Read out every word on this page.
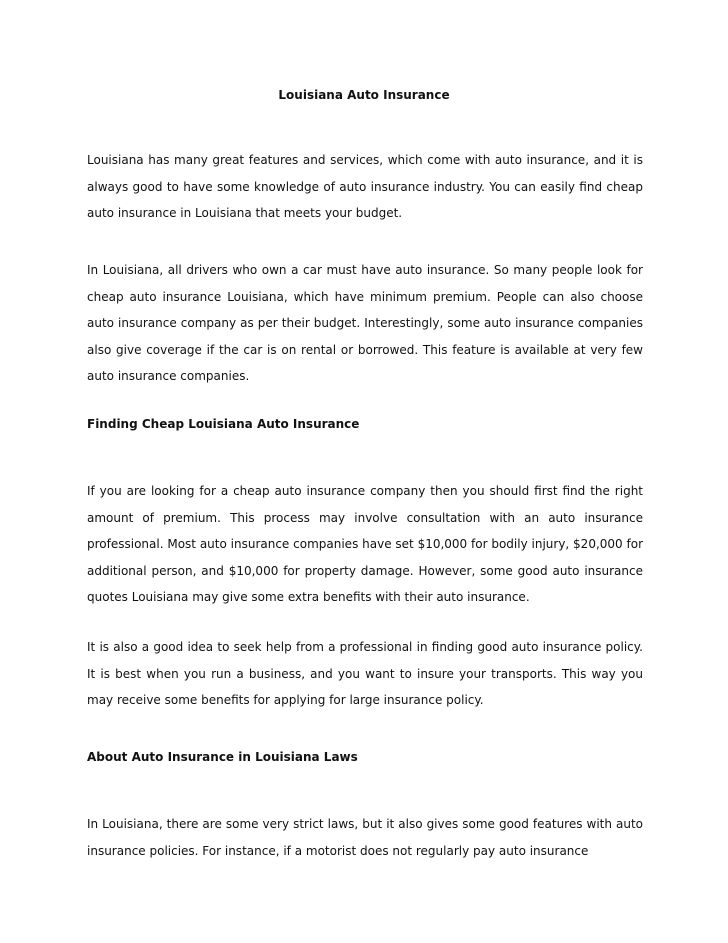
Louisiana Auto Insurance

Louisiana has many great features and services, which come with auto insurance, and it is always good to have some knowledge of auto insurance industry. You can easily find cheap auto insurance in Louisiana that meets your budget.

In Louisiana, all drivers who own a car must have auto insurance. So many people look for cheap auto insurance Louisiana, which have minimum premium. People can also choose auto insurance company as per their budget. Interestingly, some auto insurance companies also give coverage if the car is on rental or borrowed. This feature is available at very few auto insurance companies.

Finding Cheap Louisiana Auto Insurance

If you are looking for a cheap auto insurance company then you should first find the right amount of premium. This process may involve consultation with an auto insurance professional. Most auto insurance companies have set $10,000 for bodily injury, $20,000 for additional person, and $10,000 for property damage. However, some good auto insurance quotes Louisiana may give some extra benefits with their auto insurance.

It is also a good idea to seek help from a professional in finding good auto insurance policy. It is best when you run a business, and you want to insure your transports. This way you may receive some benefits for applying for large insurance policy.

About Auto Insurance in Louisiana Laws

In Louisiana, there are some very strict laws, but it also gives some good features with auto insurance policies. For instance, if a motorist does not regularly pay auto insurance
